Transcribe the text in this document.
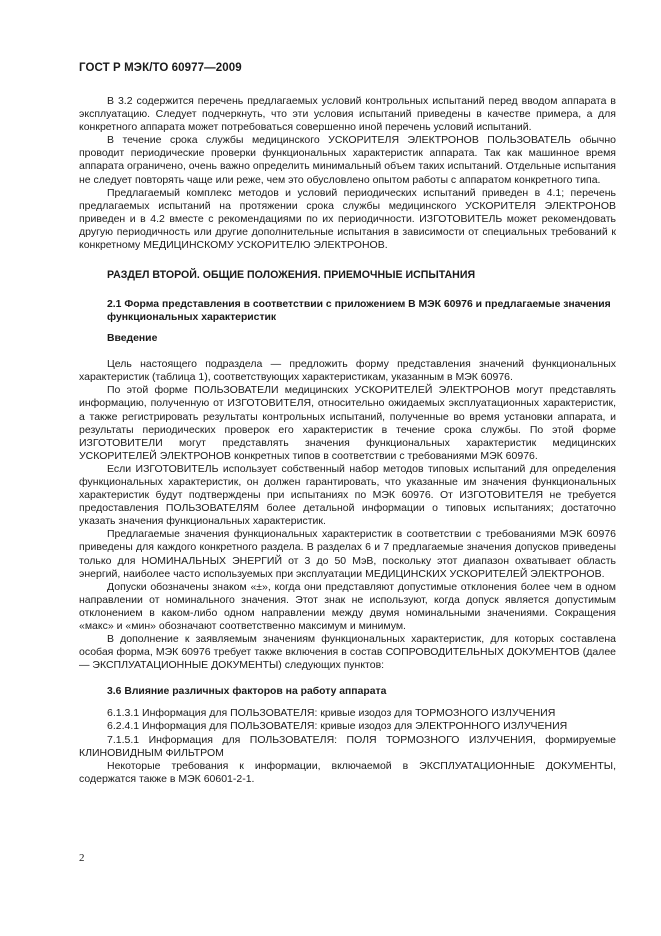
ГОСТ Р МЭК/ТО 60977—2009

В 3.2 содержится перечень предлагаемых условий контрольных испытаний перед вводом аппарата в эксплуатацию. Следует подчеркнуть, что эти условия испытаний приведены в качестве примера, а для конкретного аппарата может потребоваться совершенно иной перечень условий испытаний.

В течение срока службы медицинского УСКОРИТЕЛЯ ЭЛЕКТРОНОВ ПОЛЬЗОВАТЕЛЬ обычно проводит периодические проверки функциональных характеристик аппарата. Так как машинное время аппарата ограничено, очень важно определить минимальный объем таких испытаний. Отдельные испытания не следует повторять чаще или реже, чем это обусловлено опытом работы с аппаратом конкретного типа.

Предлагаемый комплекс методов и условий периодических испытаний приведен в 4.1; перечень предлагаемых испытаний на протяжении срока службы медицинского УСКОРИТЕЛЯ ЭЛЕКТРОНОВ приведен и в 4.2 вместе с рекомендациями по их периодичности. ИЗГОТОВИТЕЛЬ может рекомендовать другую периодичность или другие дополнительные испытания в зависимости от специальных требований к конкретному МЕДИЦИНСКОМУ УСКОРИТЕЛЮ ЭЛЕКТРОНОВ.

РАЗДЕЛ ВТОРОЙ. ОБЩИЕ ПОЛОЖЕНИЯ. ПРИЕМОЧНЫЕ ИСПЫТАНИЯ
2.1 Форма представления в соответствии с приложением В МЭК 60976 и предлагаемые значения функциональных характеристик
Введение

Цель настоящего подраздела — предложить форму представления значений функциональных характеристик (таблица 1), соответствующих характеристикам, указанным в МЭК 60976.

По этой форме ПОЛЬЗОВАТЕЛИ медицинских УСКОРИТЕЛЕЙ ЭЛЕКТРОНОВ могут представлять информацию, полученную от ИЗГОТОВИТЕЛЯ, относительно ожидаемых эксплуатационных характеристик, а также регистрировать результаты контрольных испытаний, полученные во время установки аппарата, и результаты периодических проверок его характеристик в течение срока службы. По этой форме ИЗГОТОВИТЕЛИ могут представлять значения функциональных характеристик медицинских УСКОРИТЕЛЕЙ ЭЛЕКТРОНОВ конкретных типов в соответствии с требованиями МЭК 60976.

Если ИЗГОТОВИТЕЛЬ использует собственный набор методов типовых испытаний для определения функциональных характеристик, он должен гарантировать, что указанные им значения функциональных характеристик будут подтверждены при испытаниях по МЭК 60976. От ИЗГОТОВИТЕЛЯ не требуется предоставления ПОЛЬЗОВАТЕЛЯМ более детальной информации о типовых испытаниях; достаточно указать значения функциональных характеристик.

Предлагаемые значения функциональных характеристик в соответствии с требованиями МЭК 60976 приведены для каждого конкретного раздела. В разделах 6 и 7 предлагаемые значения допусков приведены только для НОМИНАЛЬНЫХ ЭНЕРГИЙ от 3 до 50 МэВ, поскольку этот диапазон охватывает область энергий, наиболее часто используемых при эксплуатации МЕДИЦИНСКИХ УСКОРИТЕЛЕЙ ЭЛЕКТРОНОВ.

Допуски обозначены знаком «±», когда они представляют допустимые отклонения более чем в одном направлении от номинального значения. Этот знак не используют, когда допуск является допустимым отклонением в каком-либо одном направлении между двумя номинальными значениями. Сокращения «макс» и «мин» обозначают соответственно максимум и минимум.

В дополнение к заявляемым значениям функциональных характеристик, для которых составлена особая форма, МЭК 60976 требует также включения в состав СОПРОВОДИТЕЛЬНЫХ ДОКУМЕНТОВ (далее — ЭКСПЛУАТАЦИОННЫЕ ДОКУМЕНТЫ) следующих пунктов:

3.6 Влияние различных факторов на работу аппарата

6.1.3.1 Информация для ПОЛЬЗОВАТЕЛЯ: кривые изодоз для ТОРМОЗНОГО ИЗЛУЧЕНИЯ

6.2.4.1 Информация для ПОЛЬЗОВАТЕЛЯ: кривые изодоз для ЭЛЕКТРОННОГО ИЗЛУЧЕНИЯ

7.1.5.1 Информация для ПОЛЬЗОВАТЕЛЯ: ПОЛЯ ТОРМОЗНОГО ИЗЛУЧЕНИЯ, формируемые КЛИНОВИДНЫМ ФИЛЬТРОМ

Некоторые требования к информации, включаемой в ЭКСПЛУАТАЦИОННЫЕ ДОКУМЕНТЫ, содержатся также в МЭК 60601-2-1.

2
